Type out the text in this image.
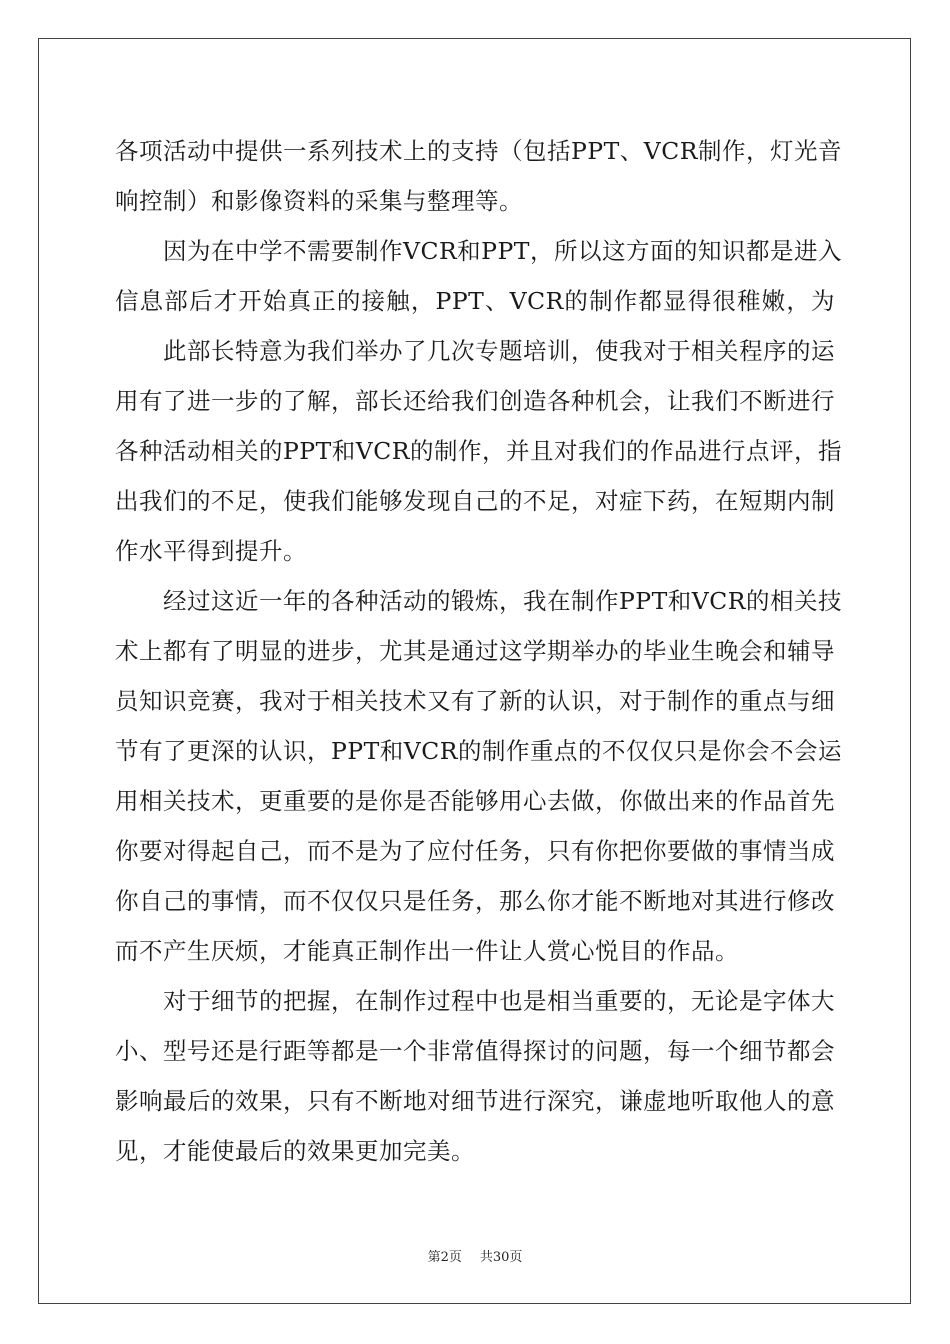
各项活动中提供一系列技术上的支持（包括PPT、VCR制作，灯光音
响控制）和影像资料的采集与整理等。
因为在中学不需要制作VCR和PPT，所以这方面的知识都是进入
信息部后才开始真正的接触，PPT、VCR的制作都显得很稚嫩，为
此部长特意为我们举办了几次专题培训，使我对于相关程序的运
用有了进一步的了解，部长还给我们创造各种机会，让我们不断进行
各种活动相关的PPT和VCR的制作，并且对我们的作品进行点评，指
出我们的不足，使我们能够发现自己的不足，对症下药，在短期内制
作水平得到提升。
经过这近一年的各种活动的锻炼，我在制作PPT和VCR的相关技
术上都有了明显的进步，尤其是通过这学期举办的毕业生晚会和辅导
员知识竞赛，我对于相关技术又有了新的认识，对于制作的重点与细
节有了更深的认识，PPT和VCR的制作重点的不仅仅只是你会不会运
用相关技术，更重要的是你是否能够用心去做，你做出来的作品首先
你要对得起自己，而不是为了应付任务，只有你把你要做的事情当成
你自己的事情，而不仅仅只是任务，那么你才能不断地对其进行修改
而不产生厌烦，才能真正制作出一件让人赏心悦目的作品。
对于细节的把握，在制作过程中也是相当重要的，无论是字体大
小、型号还是行距等都是一个非常值得探讨的问题，每一个细节都会
影响最后的效果，只有不断地对细节进行深究，谦虚地听取他人的意
见，才能使最后的效果更加完美。
第2页 共30页
